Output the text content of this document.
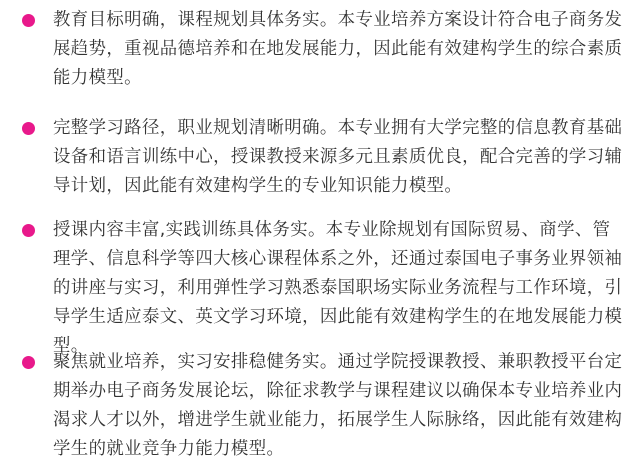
教育目标明确，课程规划具体务实。本专业培养方案设计符合电子商务发展趋势，重视品德培养和在地发展能力，因此能有效建构学生的综合素质能力模型。

完整学习路径，职业规划清晰明确。本专业拥有大学完整的信息教育基础设备和语言训练中心，授课教授来源多元且素质优良，配合完善的学习辅导计划，因此能有效建构学生的专业知识能力模型。

授课内容丰富,实践训练具体务实。本专业除规划有国际贸易、商学、管理学、信息科学等四大核心课程体系之外，还通过泰国电子事务业界领袖的讲座与实习，利用弹性学习熟悉泰国职场实际业务流程与工作环境，引导学生适应泰文、英文学习环境，因此能有效建构学生的在地发展能力模型。

聚焦就业培养，实习安排稳健务实。通过学院授课教授、兼职教授平台定期举办电子商务发展论坛，除征求教学与课程建议以确保本专业培养业内渴求人才以外，增进学生就业能力，拓展学生人际脉络，因此能有效建构学生的就业竞争力能力模型。
